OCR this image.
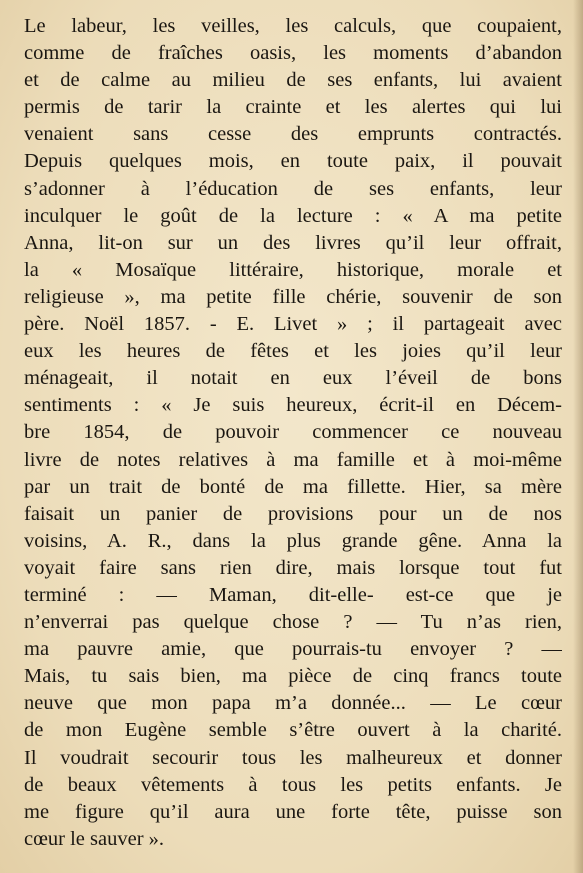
Le labeur, les veilles, les calculs, que coupaient,
comme de fraîches oasis, les moments d’abandon
et de calme au milieu de ses enfants, lui avaient
permis de tarir la crainte et les alertes qui lui
venaient sans cesse des emprunts contractés.
Depuis quelques mois, en toute paix, il pouvait
s’adonner à l’éducation de ses enfants, leur
inculquer le goût de la lecture : « A ma petite
Anna, lit-on sur un des livres qu’il leur offrait,
la « Mosaïque littéraire, historique, morale et
religieuse », ma petite fille chérie, souvenir de son
père. Noël 1857. - E. Livet » ; il partageait avec
eux les heures de fêtes et les joies qu’il leur
ménageait, il notait en eux l’éveil de bons
sentiments : « Je suis heureux, écrit-il en Décem-
bre 1854, de pouvoir commencer ce nouveau
livre de notes relatives à ma famille et à moi-même
par un trait de bonté de ma fillette. Hier, sa mère
faisait un panier de provisions pour un de nos
voisins, A. R., dans la plus grande gêne. Anna la
voyait faire sans rien dire, mais lorsque tout fut
terminé : — Maman, dit-elle- est-ce que je
n’enverrai pas quelque chose ? — Tu n’as rien,
ma pauvre amie, que pourrais-tu envoyer ? —
Mais, tu sais bien, ma pièce de cinq francs toute
neuve que mon papa m’a donnée... — Le cœur
de mon Eugène semble s’être ouvert à la charité.
Il voudrait secourir tous les malheureux et donner
de beaux vêtements à tous les petits enfants. Je
me figure qu’il aura une forte tête, puisse son
cœur le sauver ».
